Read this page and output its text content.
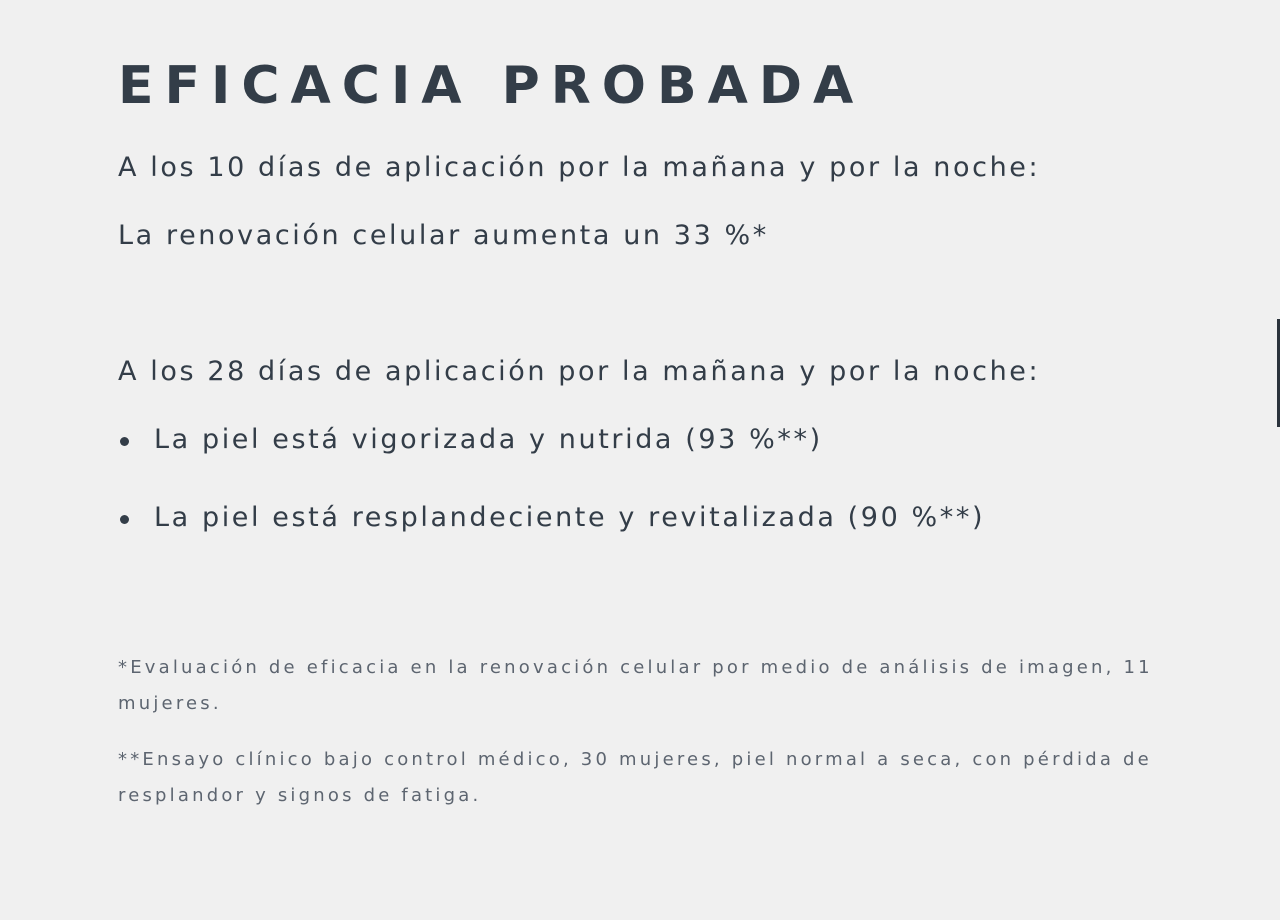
EFICACIA PROBADA

A los 10 días de aplicación por la mañana y por la noche:

La renovación celular aumenta un 33 %*

A los 28 días de aplicación por la mañana y por la noche:

La piel está vigorizada y nutrida (93 %**)
La piel está resplandeciente y revitalizada (90 %**)

*Evaluación de eficacia en la renovación celular por medio de análisis de imagen, 11 mujeres.

**Ensayo clínico bajo control médico, 30 mujeres, piel normal a seca, con pérdida de resplandor y signos de fatiga.
